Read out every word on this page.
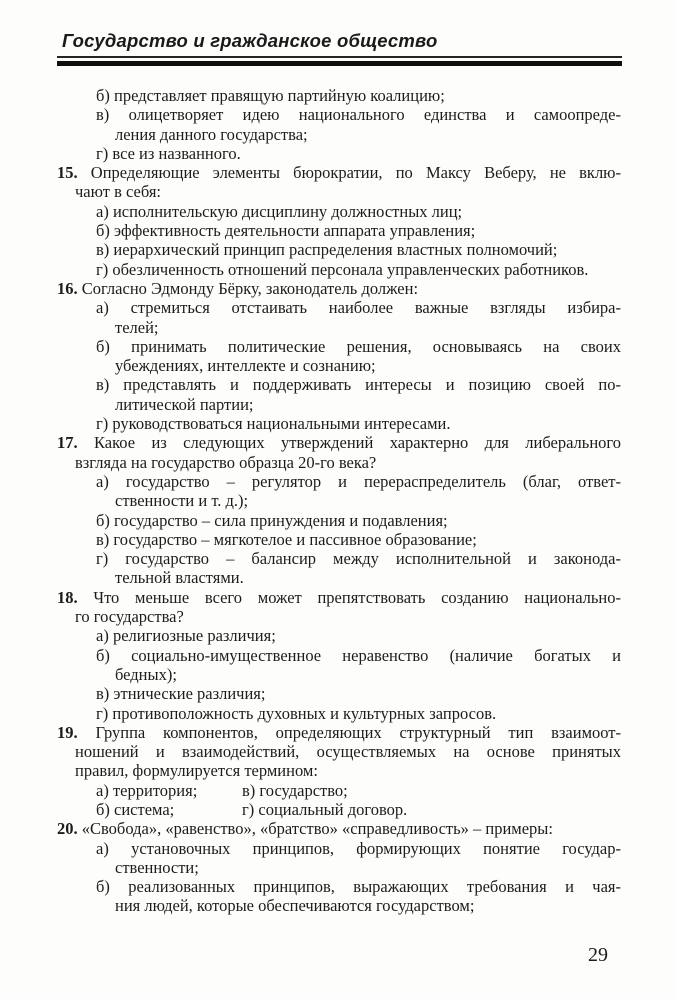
Государство и гражданское общество
б) представляет правящую партийную коалицию;
в) олицетворяет идею национального единства и самоопреде-
ления данного государства;
г) все из названного.
15. Определяющие элементы бюрократии, по Максу Веберу, не вклю-
чают в себя:
а) исполнительскую дисциплину должностных лиц;
б) эффективность деятельности аппарата управления;
в) иерархический принцип распределения властных полномочий;
г) обезличенность отношений персонала управленческих работников.
16. Согласно Эдмонду Бёрку, законодатель должен:
а) стремиться отстаивать наиболее важные взгляды избира-
телей;
б) принимать политические решения, основываясь на своих
убеждениях, интеллекте и сознанию;
в) представлять и поддерживать интересы и позицию своей по-
литической партии;
г) руководствоваться национальными интересами.
17. Какое из следующих утверждений характерно для либерального
взгляда на государство образца 20-го века?
а) государство – регулятор и перераспределитель (благ, ответ-
ственности и т. д.);
б) государство – сила принуждения и подавления;
в) государство – мягкотелое и пассивное образование;
г) государство – балансир между исполнительной и законода-
тельной властями.
18. Что меньше всего может препятствовать созданию национально-
го государства?
а) религиозные различия;
б) социально-имущественное неравенство (наличие богатых и
бедных);
в) этнические различия;
г) противоположность духовных и культурных запросов.
19. Группа компонентов, определяющих структурный тип взаимоот-
ношений и взаимодействий, осуществляемых на основе принятых
правил, формулируется термином:
а) территория;	в) государство;
б) система;	г) социальный договор.
20. «Свобода», «равенство», «братство» «справедливость» – примеры:
а) установочных принципов, формирующих понятие государ-
ственности;
б) реализованных принципов, выражающих требования и чая-
ния людей, которые обеспечиваются государством;
29
